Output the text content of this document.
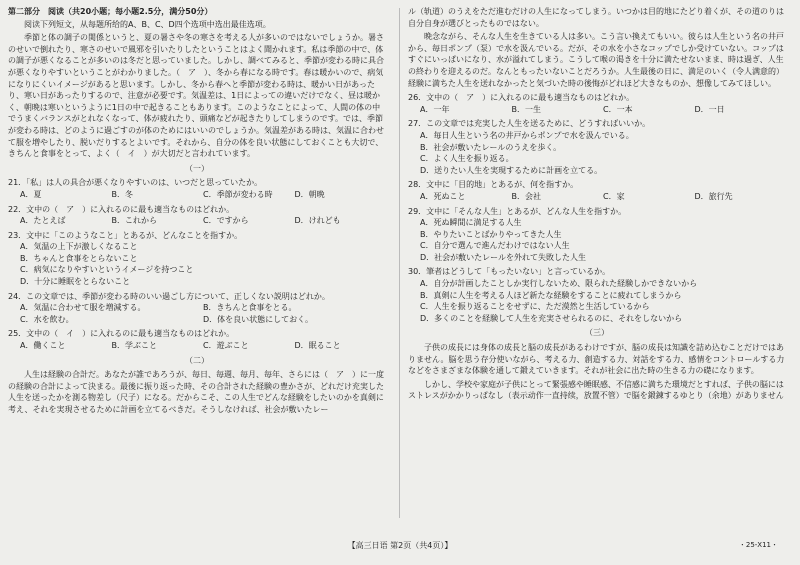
第二部分　阅读（共20小题；每小题2.5分，满分50分）

阅读下列短文，从每题所给的A、B、C、D四个选项中选出最佳选项。

季節と体の調子の関係というと、夏の暑さや冬の寒さを考える人が多いのではないでしょうか。暑さのせいで倒れたり、寒さのせいで風邪を引いたりしたということはよく聞かれます。私は季節の中で、体の調子が悪くなることが多いのは冬だと思っていました。しかし、調べてみると、季節が変わる時に具合が悪くなりやすいということがわかりました。（　ア　）、冬から春になる時です。春は暖かいので、病気になりにくいイメージがあると思います。しかし、冬から春へと季節が変わる時は、暖かい日があったり、寒い日があったりするので、注意が必要です。気温差は、1日によっての違いだけでなく、昼は暖かく、朝晩は寒いというように1日の中で起きることもあります。このようなことによって、人間の体の中でうまくバランスがとれなくなって、体が疲れたり、頭痛などが起きたりしてしまうのです。では、季節が変わる時は、どのように過ごすのが体のためにはいいのでしょうか。気温差がある時は、気温に合わせて服を増やしたり、脱いだりするとよいです。それから、自分の体を良い状態にしておくことも大切で、きちんと食事をとって、よく（　イ　）が大切だと言われています。

（一）

21．「私」は人の具合が悪くなりやすいのは、いつだと思っていたか。

A．夏	B．冬	C．季節が変わる時	D．朝晩

22．文中の（　ア　）に入れるのに最も適当なものはどれか。

A．たとえば	B．これから	C．ですから	D．けれども

23．文中に「このようなこと」とあるが、どんなことを指すか。

A．気温の上下が激しくなること
B．ちゃんと食事をとらないこと
C．病気になりやすいというイメージを持つこと
D．十分に睡眠をとらないこと

24．この文章では、季節が変わる時のいい過ごし方について、正しくない説明はどれか。

A．気温に合わせて服を増減する。	B．きちんと食事をとる。
C．水を飲む。	D．体を良い状態にしておく。

25．文中の（　イ　）に入れるのに最も適当なものはどれか。

A．働くこと	B．学ぶこと	C．遊ぶこと	D．眠ること

（二）

人生は経験の合計だ。あなたが誰であろうが、毎日、毎週、毎月、毎年、さらには（　ア　）に一度の経験の合計によって決まる。最後に振り返った時、その合計された経験の豊かさが、どれだけ充実した人生を送ったかを測る物差し（尺子）になる。だからこそ、この人生でどんな経験をしたいのかを真剣に考え、それを実現させるために計画を立てるべきだ。そうしなければ、社会が敷いたレー

ル（轨道）のうえをただ進むだけの人生になってしまう。いつかは目的地にたどり着くが、その道のりは自分自身が選びとったものではない。

晩念ながら、そんな人生を生きている人は多い。こう言い換えてもいい。彼らは人生という名の井戸から、毎日ポンプ（泵）で水を汲んでいる。だが、その水を小さなコップでしか受けていない。コップはすぐにいっぱいになり、水が溢れてしまう。こうして喉の渇きを十分に満たせないまま、時は過ぎ、人生の終わりを迎えるのだ。なんともったいないことだろうか。人生最後の日に、満足のいく（令人满意的）経験に満ちた人生を送れなかったと気づいた時の後悔がどれほど大きなものか、想像してみてほしい。

26．文中の（　ア　）に入れるのに最も適当なものはどれか。

A．一年	B．一生	C．一本	D．一日

27．この文章では充実した人生を送るために、どうすればいいか。

A．毎日人生という名の井戸からポンプで水を汲んでいる。
B．社会が敷いたレールのうえを歩く。
C．よく人生を振り返る。
D．送りたい人生を実現するために計画を立てる。

28．文中に「目的地」とあるが、何を指すか。

A．死ぬこと	B．会社	C．家	D．旅行先

29．文中に「そんな人生」とあるが、どんな人生を指すか。

A．死ぬ瞬間に満足する人生
B．やりたいことばかりやってきた人生
C．自分で選んで進んだわけではない人生
D．社会が敷いたレールを外れて失敗した人生

30．筆者はどうして「もったいない」と言っているか。

A．自分が計画したことしか実行しないため、限られた経験しかできないから
B．真剣に人生を考える人ほど新たな経験をすることに疲れてしまうから
C．人生を振り返ることをせずに、ただ漠然と生活しているから
D．多くのことを経験して人生を充実させられるのに、それをしないから

（三）

子供の成長には身体の成長と脳の成長があるわけですが、脳の成長は知識を詰め込むことだけではありません。脳を思う存分使いながら、考える力、創造する力、対話をする力、感情をコントロールする力などをさまざまな体験を通して鍛えていきます。それが社会に出た時の生きる力の礎になります。

しかし、学校や家庭が子供にとって緊張感や睡眠感、不信感に満ちた環境だとすれば、子供の脳にはストレスがかかりっぱなし（表示动作一直持续，放置不管）で脳を鍛錬するゆとり（余地）がありません

【高三日语 第2页（共4页）】	・25-X11・
